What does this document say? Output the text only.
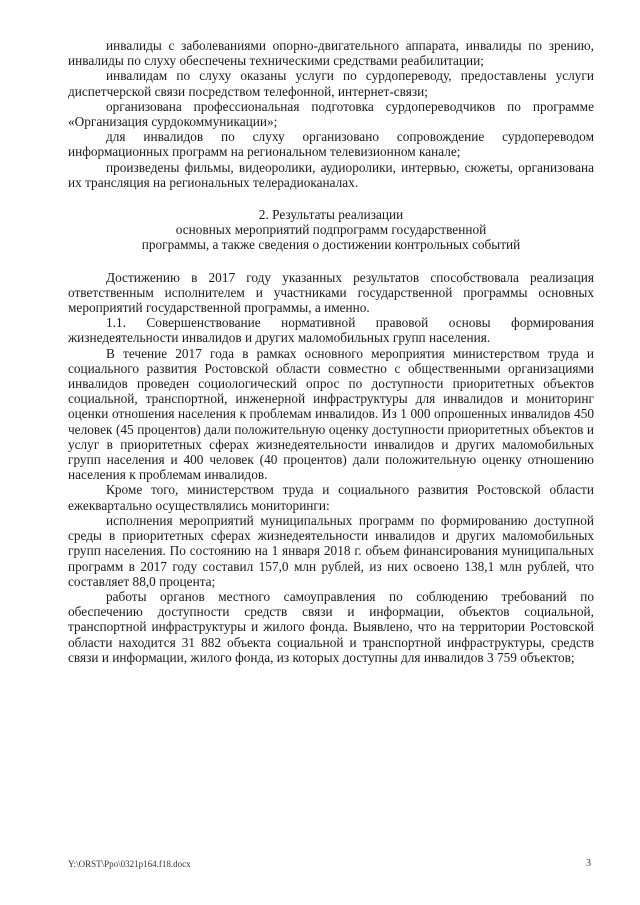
инвалиды с заболеваниями опорно-двигательного аппарата, инвалиды по зрению, инвалиды по слуху обеспечены техническими средствами реабилитации;

инвалидам по слуху оказаны услуги по сурдопереводу, предоставлены услуги диспетчерской связи посредством телефонной, интернет-связи;

организована профессиональная подготовка сурдопереводчиков по программе «Организация сурдокоммуникации»;

для инвалидов по слуху организовано сопровождение сурдопереводом информационных программ на региональном телевизионном канале;

произведены фильмы, видеоролики, аудиоролики, интервью, сюжеты, организована их трансляция на региональных телерадиоканалах.

2. Результаты реализации
основных мероприятий подпрограмм государственной
программы, а также сведения о достижении контрольных событий

Достижению в 2017 году указанных результатов способствовала реализация ответственным исполнителем и участниками государственной программы основных мероприятий государственной программы, а именно.

1.1. Совершенствование нормативной правовой основы формирования жизнедеятельности инвалидов и других маломобильных групп населения.

В течение 2017 года в рамках основного мероприятия министерством труда и социального развития Ростовской области совместно с общественными организациями инвалидов проведен социологический опрос по доступности приоритетных объектов социальной, транспортной, инженерной инфраструктуры для инвалидов и мониторинг оценки отношения населения к проблемам инвалидов. Из 1 000 опрошенных инвалидов 450 человек (45 процентов) дали положительную оценку доступности приоритетных объектов и услуг в приоритетных сферах жизнедеятельности инвалидов и других маломобильных групп населения и 400 человек (40 процентов) дали положительную оценку отношению населения к проблемам инвалидов.

Кроме того, министерством труда и социального развития Ростовской области ежеквартально осуществлялись мониторинги:

исполнения мероприятий муниципальных программ по формированию доступной среды в приоритетных сферах жизнедеятельности инвалидов и других маломобильных групп населения. По состоянию на 1 января 2018 г. объем финансирования муниципальных программ в 2017 году составил 157,0 млн рублей, из них освоено 138,1 млн рублей, что составляет 88,0 процента;

работы органов местного самоуправления по соблюдению требований по обеспечению доступности средств связи и информации, объектов социальной, транспортной инфраструктуры и жилого фонда. Выявлено, что на территории Ростовской области находится 31 882 объекта социальной и транспортной инфраструктуры, средств связи и информации, жилого фонда, из которых доступны для инвалидов 3 759 объектов;

Y:\ORST\Ppo\0321p164.f18.docx	3
